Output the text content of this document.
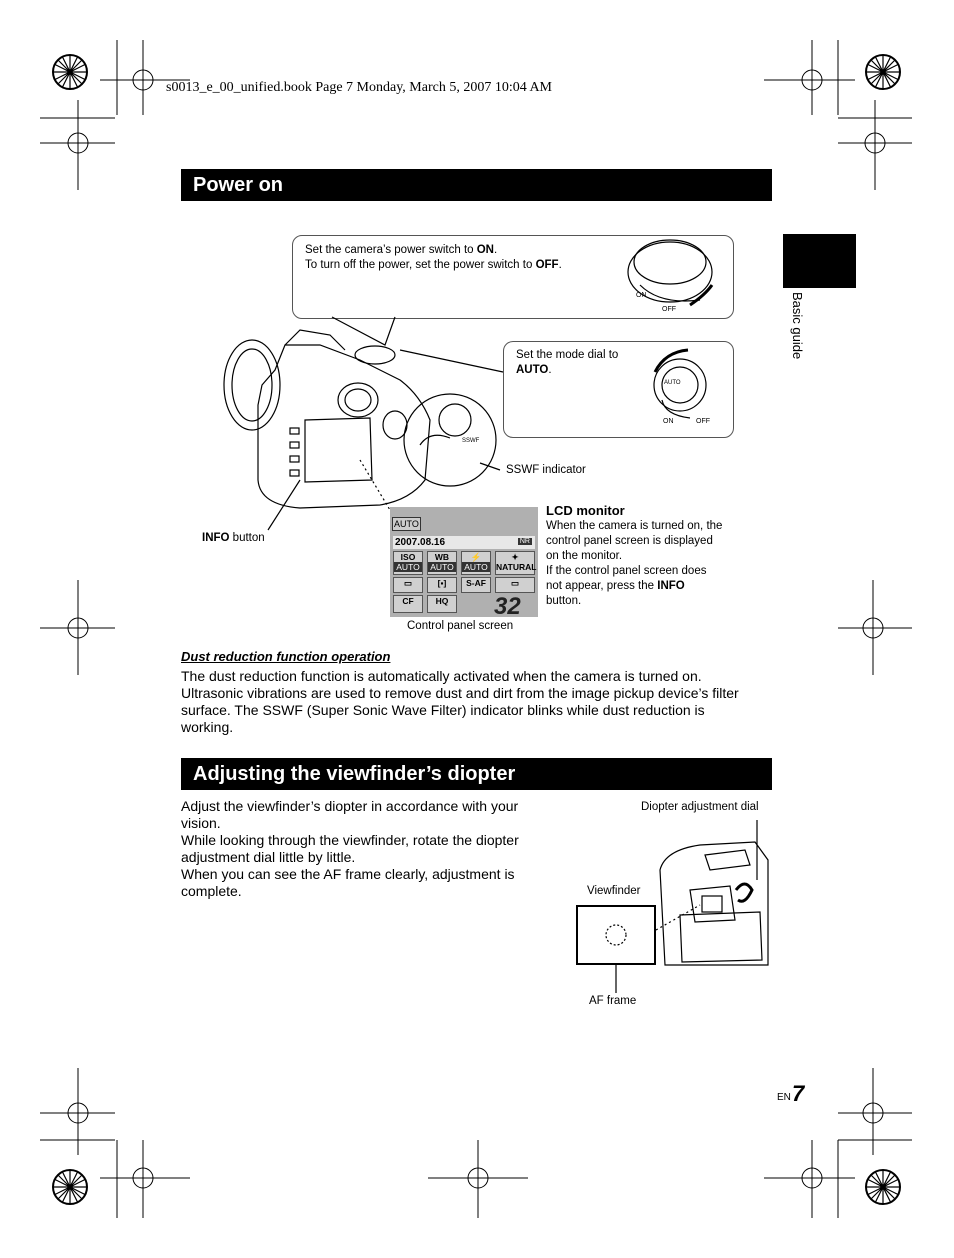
s0013_e_00_unified.book Page 7 Monday, March 5, 2007 10:04 AM
Basic guide
Power on
Set the camera’s power switch to ON.
To turn off the power, set the power switch to OFF.
Set the mode dial to
AUTO.
ON
OFF
AUTO
ON	OFF
SSWF
SSWF indicator
INFO button
AUTO
2007.08.16	NR
ISO
AUTO
WB
AUTO
⚡
AUTO
✦
NATURAL
▭	[▪]	S-AF	▭
CF	HQ	32
Control panel screen
LCD monitor
When the camera is turned on, the
control panel screen is displayed
on the monitor.
If the control panel screen does
not appear, press the INFO
button.
Dust reduction function operation
The dust reduction function is automatically activated when the camera is turned on.
Ultrasonic vibrations are used to remove dust and dirt from the image pickup device’s filter
surface. The SSWF (Super Sonic Wave Filter) indicator blinks while dust reduction is
working.
Adjusting the viewfinder’s diopter
Adjust the viewfinder’s diopter in accordance with your
vision.
While looking through the viewfinder, rotate the diopter
adjustment dial little by little.
When you can see the AF frame clearly, adjustment is
complete.
Diopter adjustment dial
Viewfinder
AF frame
EN 7
